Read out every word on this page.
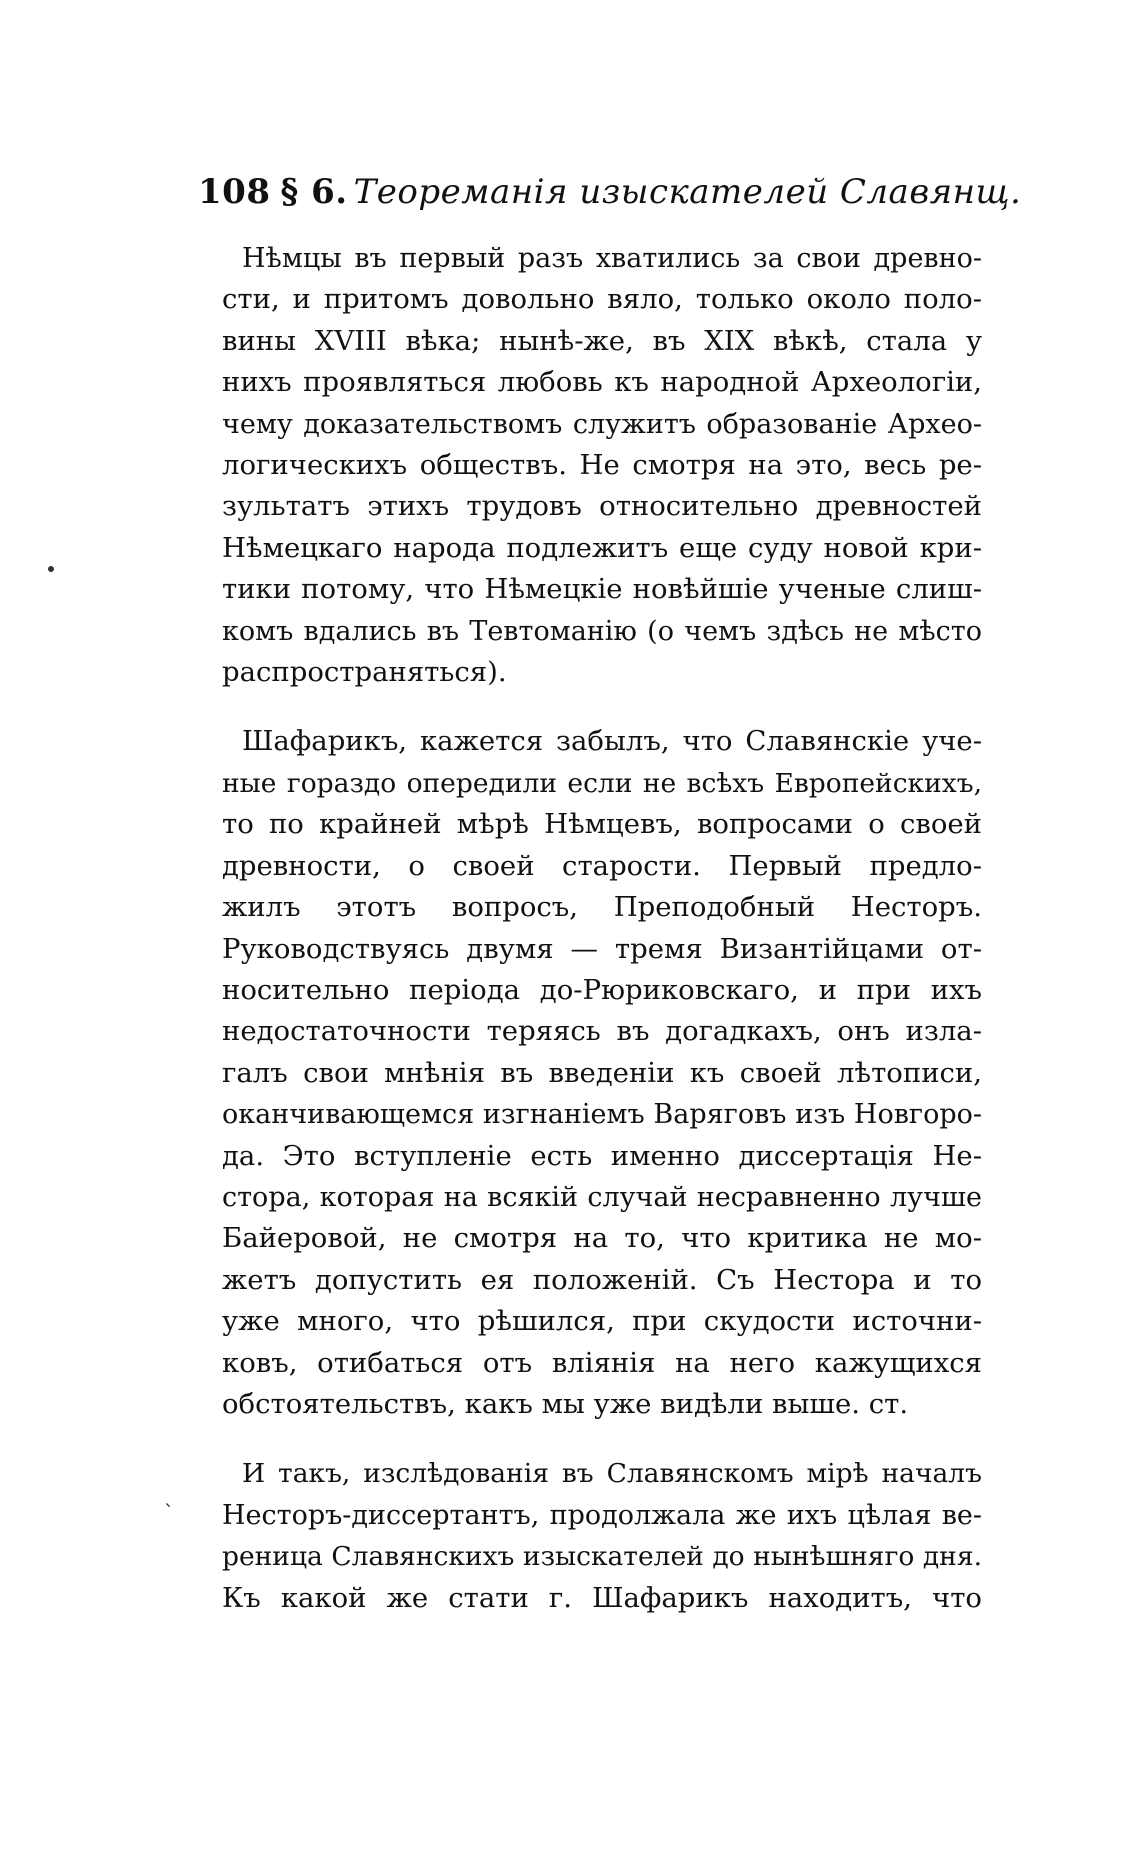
108 § 6. Теореманія изыскателей Славянщ.

Нѣмцы въ первый разъ хватились за свои древно-
сти, и притомъ довольно вяло, только около поло-
вины XVIII вѣка; нынѣ-же, въ XIX вѣкѣ, стала у
нихъ проявляться любовь къ народной Археологіи,
чему доказательствомъ служитъ образованіе Архео-
логическихъ обществъ. Не смотря на это, весь ре-
зультатъ этихъ трудовъ относительно древностей
Нѣмецкаго народа подлежитъ еще суду новой кри-
тики потому, что Нѣмецкіе новѣйшіе ученые слиш-
комъ вдались въ Тевтоманію (о чемъ здѣсь не мѣсто
распространяться).

Шафарикъ, кажется забылъ, что Славянскіе уче-
ные гораздо опередили если не всѣхъ Европейскихъ,
то по крайней мѣрѣ Нѣмцевъ, вопросами о своей
древности, о своей старости. Первый предло-
жилъ этотъ вопросъ, Преподобный Несторъ.
Руководствуясь двумя — тремя Византійцами от-
носительно періода до-Рюриковскаго, и при ихъ
недостаточности теряясь въ догадкахъ, онъ изла-
галъ свои мнѣнія въ введеніи къ своей лѣтописи,
оканчивающемся изгнаніемъ Варяговъ изъ Новгоро-
да. Это вступленіе есть именно диссертація Не-
стора, которая на всякій случай несравненно лучше
Байеровой, не смотря на то, что критика не мо-
жетъ допустить ея положеній. Съ Нестора и то
уже много, что рѣшился, при скудости источни-
ковъ, отибаться отъ вліянія на него кажущихся
обстоятельствъ, какъ мы уже видѣли выше. ст.

И такъ, изслѣдованія въ Славянскомъ мірѣ началъ
Несторъ-диссертантъ, продолжала же ихъ цѣлая ве-
реница Славянскихъ изыскателей до нынѣшняго дня.
Къ какой же стати г. Шафарикъ находитъ, что

ˋ
